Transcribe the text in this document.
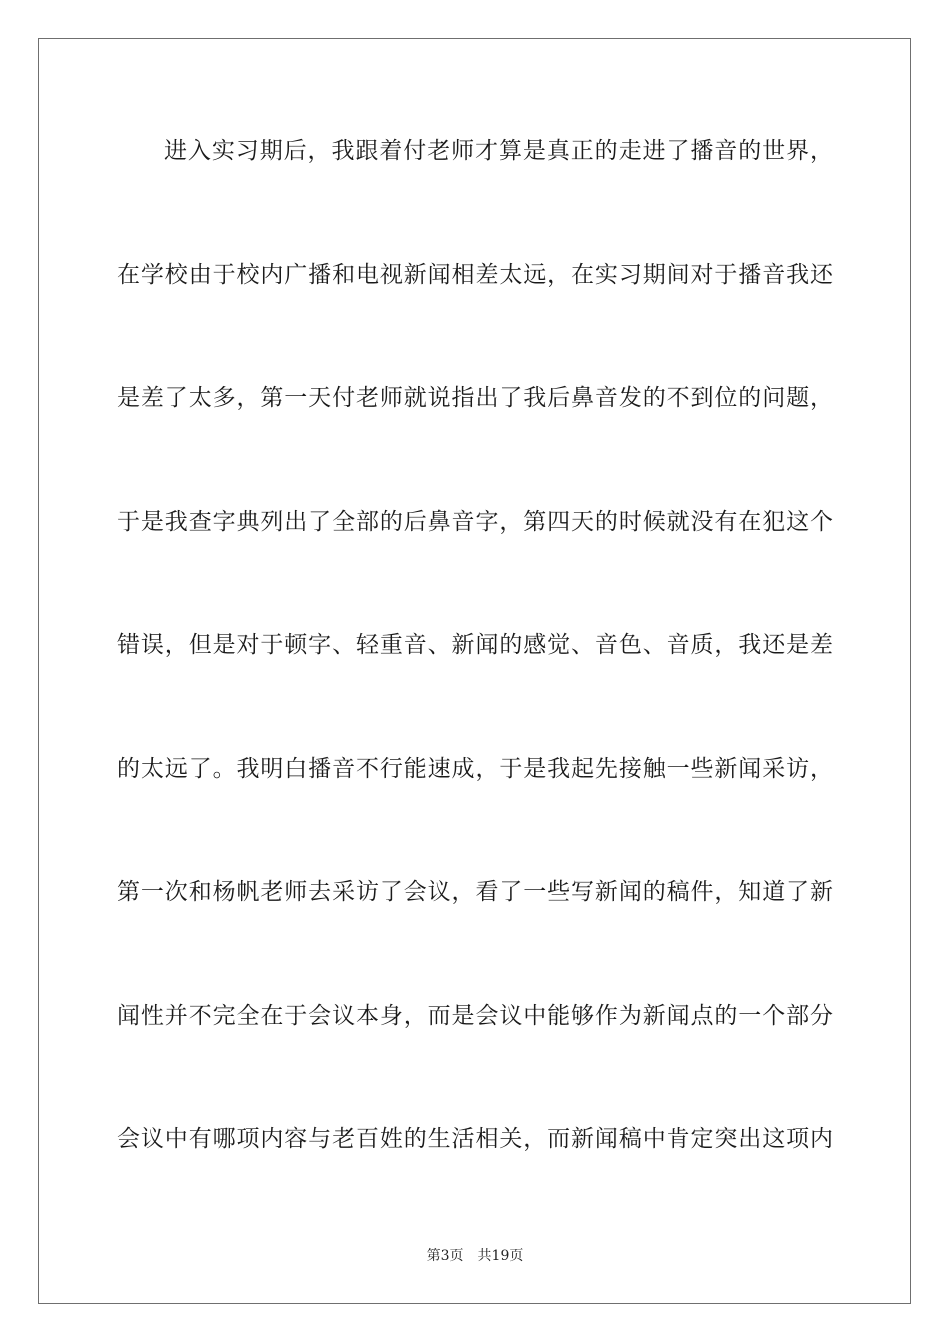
进入实习期后，我跟着付老师才算是真正的走进了播音的世界，
在学校由于校内广播和电视新闻相差太远，在实习期间对于播音我还
是差了太多，第一天付老师就说指出了我后鼻音发的不到位的问题，
于是我查字典列出了全部的后鼻音字，第四天的时候就没有在犯这个
错误，但是对于顿字、轻重音、新闻的感觉、音色、音质，我还是差
的太远了。我明白播音不行能速成，于是我起先接触一些新闻采访，
第一次和杨帆老师去采访了会议，看了一些写新闻的稿件，知道了新
闻性并不完全在于会议本身，而是会议中能够作为新闻点的一个部分
会议中有哪项内容与老百姓的生活相关，而新闻稿中肯定突出这项内
第3页 共19页
